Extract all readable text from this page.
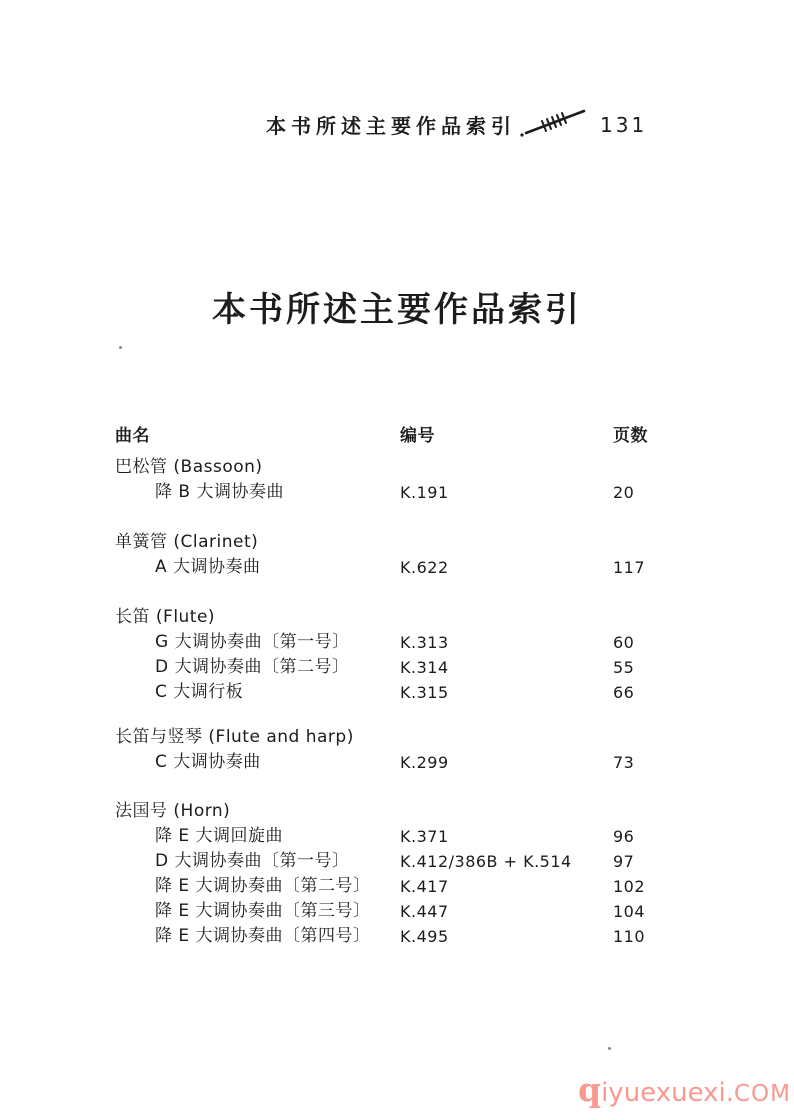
本书所述主要作品索引	131
本书所述主要作品索引
曲名	编号	页数
巴松管 (Bassoon)
降 B 大调协奏曲	K.191	20
单簧管 (Clarinet)
A 大调协奏曲	K.622	117
长笛 (Flute)
G 大调协奏曲〔第一号〕	K.313	60
D 大调协奏曲〔第二号〕	K.314	55
C 大调行板	K.315	66
长笛与竖琴 (Flute and harp)
C 大调协奏曲	K.299	73
法国号 (Horn)
降 E 大调回旋曲	K.371	96
D 大调协奏曲〔第一号〕	K.412/386B + K.514	97
降 E 大调协奏曲〔第二号〕	K.417	102
降 E 大调协奏曲〔第三号〕	K.447	104
降 E 大调协奏曲〔第四号〕	K.495	110
qiyuexuexi.COM
